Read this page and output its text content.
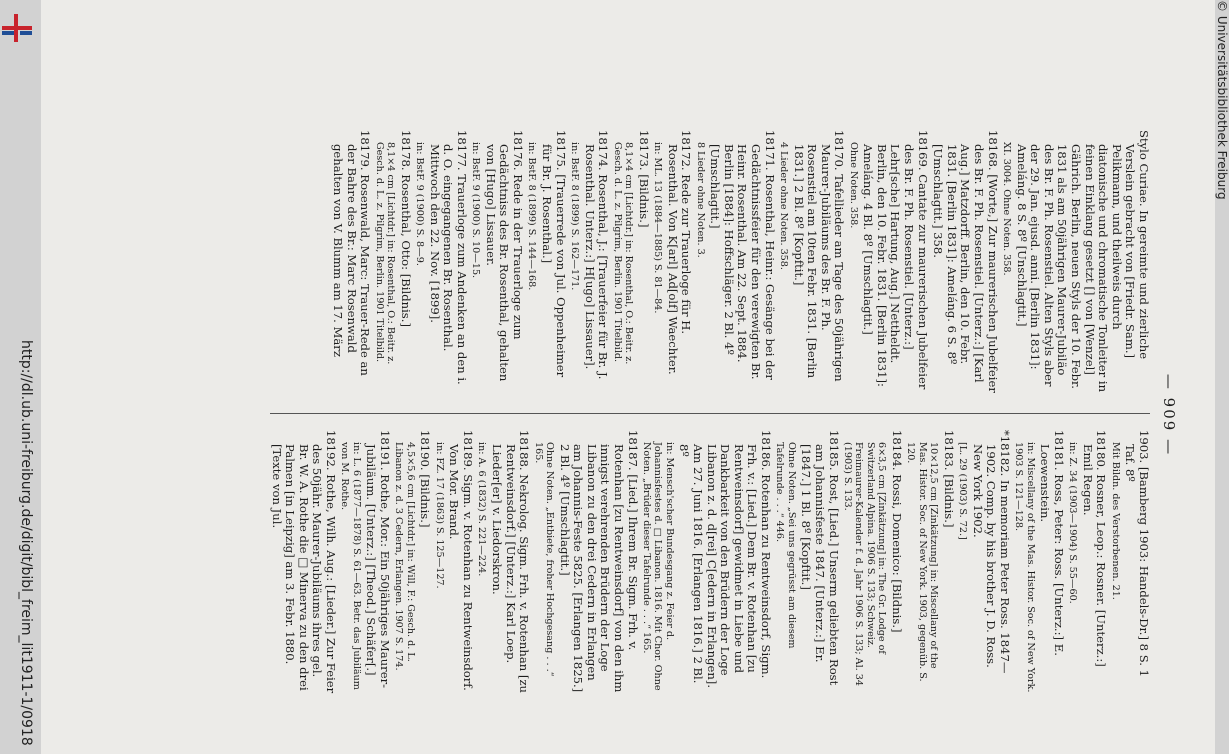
http://dl.ub.uni-freiburg.de/digit/bibl_freim_lit1911-1/0918	— 909 —

Stylo Curiae. In gereimte und zierliche Verslein gebracht von [Friedr. Sam.] Pelikmann, und theilweis durch diatonische und chromatische Tonleiter in feinen Einklang gesetzt [] von [Wenzel] Gährich. Berlin, neuen Styls der 10. Febr. 1831 als am 50jährigen Maurer-Jubiläo des Br. F. Ph. Rosenstiel. Alten Styls aber der 29. Jan. ejusd. anni. [Berlin 1831]: Ameláng. 8 S. 8º [Unschlagtit.]

XI. 3004. Ohne Noten. 358.

18168. [Worte,] Zur maurerischen Jubelfeier des Br. F. Ph. Rosenstiel. [Unterz.:] [Karl Aug.] Matzdorff. Berlin, den 10. Febr. 1831. [Berlin 1831]: Ameláng. 6 S. 8º [Umschlagtit.] 358.

18169. Cantate zur maurerischen Jubelfeier des Br. F. Ph. Rosenstiel. [Unterz.:] Lehr[sche] Hartung, Aug.] Nettheldt. Berlin, den 10. Febr. 1831. [Berlin 1831]: Ameláng. 4 Bl. 8º [Umschlagtit.]

Ohne Noten. 358.

18170. Tafellieder am Tage des 50jährigen Maurer-Jubiläums des Br. F. Ph. Rosenstiel am 10ten Febr. 1831. [Berlin 1831.] 2 Bl. 8º [Kopftit.]

4 Lieder ohne Noten. 358.

18171. Rosenthal, Heinr.: Gesänge bei der Gedächtnissfeier für den verewigten Br. Heinr. Rosenthal. Am 22. Sept. 1884. Berlin [1884]: Hoffschläger. 2 Bl. 4º [Umschlagtit.]

8 Lieder ohne Noten. 3.

18172. Rede zur Trauerloge für H. Rosenthal. Von K[arl] Ad[olf] Waechter.

in: ML. 13 (1884—1885) S. 81—84.

18173. [Bildnis.]

8,1×4 cm [Lichtdr.] in: Rosenthal, O.: Beitr. z. Gesch. d. L. z. Pilgrim, Berlin. 1901 Titelbild.

18174. Rosenthal, J.: [Trauerfeier für Br. J. Rosenthal. Unterz.:] H[ugo] Lissauer].

in: BstF. 8 (1899) S. 162—171.

18175. [Trauerrede von Jul. Oppenheimer für Br. J. Rosenthal.]

in: BstF. 8 (1899) S. 144—168.

18176. Rede in der Trauerloge zum Gedächtniss des Br. Rosenthal, gehalten von [Hugo] Lissauer.

in: BstF. 9 (1900) S. 10—15.

18177. Trauerloge zum Andenken an den i. d. O. eingegangenen Br. Rosenthal. Mittwoch den 22. Nov. [1899].

in: BstF. 9 (1900) S. 8—9.

18178. Rosenthal, Otto: [Bildnis.]

8,1×4 cm [Lichtdr.] in: Rosenthal, O.: Beitr. z. Gesch. d. L. z. Pilgrim, Berlin. 1901 Titelbild.

18179. Rosenwald, Marc: Trauer-Rede an der Bahre des Br.: Marc Rosenwald gehalten von V. Blumm am 17. März

1903. [Bamberg 1903: Handels-Dr.] 8 S. 1 Taf. 8º

Mit Bildn. des Verstorbenen. 21.

18180. Rosner, Leop.: Rosner. [Unterz.:] Emil Regen.

in: Z. 34 (1903—1904) S. 55—60.

18181. Ross, Peter: Ross. [Unterz.:] E. Loewenstein.

in: Miscellany of the Mas. Histor. Soc. of New York. 1903 S. 121—128.

*18182. In memoriam Peter Ross. 1847—1902. Comp. by his brother J. D. Ross. New York 1902.

[L. 29 (1903) S. 72.]

18183. [Bildnis.]

10×12,5 cm [Zinkätzung] in: Miscellany of the Mas. Histor. Soc. of New York. 1903, gegenüb. S. 120.

18184. Rossi, Domenico: [Bildnis.]

6×3,5 cm [Zinkätzung] in: The Gr. Lodge of Switzerland Alpina. 1906 S. 133; Schweiz. Freimaurer-Kalender f. d. Jahr 1906 S. 133; Al. 34 (1903) S. 133.

18185. Rost, [Lied.] Unserm geliebten Rost am Johannisfeste 1847. [Unterz.:] Er. [1847.] 1 Bl. 8º [Kopftit.]

Ohne Noten. „Sei uns gegrüsst am diesem Tafelrunde . . .“ 446.

18186. Rotenhan zu Rentweinsdorf, Sigm. Frh. v.: [Lied.] Dem Br. v. Rotenhan [zu Rentweinsdorf] gewidmet in Liebe und Dankbarkeit von den Brüdern der Loge Libanon z. d. d[rei] C[edern in Erlangen]. Am 27. Juni 1816. [Erlangen 1816.] 2 Bl. 8º

in: Mensch'scher Bundesgang z. Feier d. Johannisfestes d. □ Libanon. 1816. Mit Chor. Ohne Noten. „Brüder dieser Tafelrunde . . .“ 165.

18187. [Lied.] Ihrem Br. Sigm. Frh. v. Rotenhan [zu Rentweinsdorf] von den ihm innigst verehrenden Brüdern der Loge Libanon zu den drei Cedern in Erlangen am Johannis-Feste 5825. [Erlangen 1825.] 2 Bl. 4º [Umschlagtit.]

Ohne Noten. „Entbiete, froher Hochgesang . . .“ 165.

18188. Nekrolog. Sigm. Frh. v. Rotenhan [zu Rentweinsdorf.] [Unterz.:] Karl Loep. Lieder[er] v. Liedorskron.

in: A. 6 (1832) S. 221—224.

18189. Sigm. v. Rotenhan zu Rentweinsdorf. Von Mor. Brand.

in: FZ. 17 (1863) S. 125—127.

18190. [Bildnis.]

4,5×5,6 cm [Lichtdr.] in: Will, F.: Gesch. d. L. Libanon z. d. 3 Cedern, Erlangen. 1907 S. 174.

18191. Rothe, Mor.: Ein 50jähriges Maurer-Jubiläum. [Unterz.:] [Theod.] Schäfer[.]

in: L. 6 (1877—1878) S. 61—63. Betr. das Jubiläum von M. Rothe.

18192. Rothe, Wilh. Aug.: [Lieder.] Zur Feier des 50jähr. Maurer-Jubiläums ihres gel. Br. W. A. Rothe die □ Minerva zu den drei Palmen [in Leipzig] am 3. Febr. 1880. [Texte von Jul.

© Universitätsbibliothek Freiburg
